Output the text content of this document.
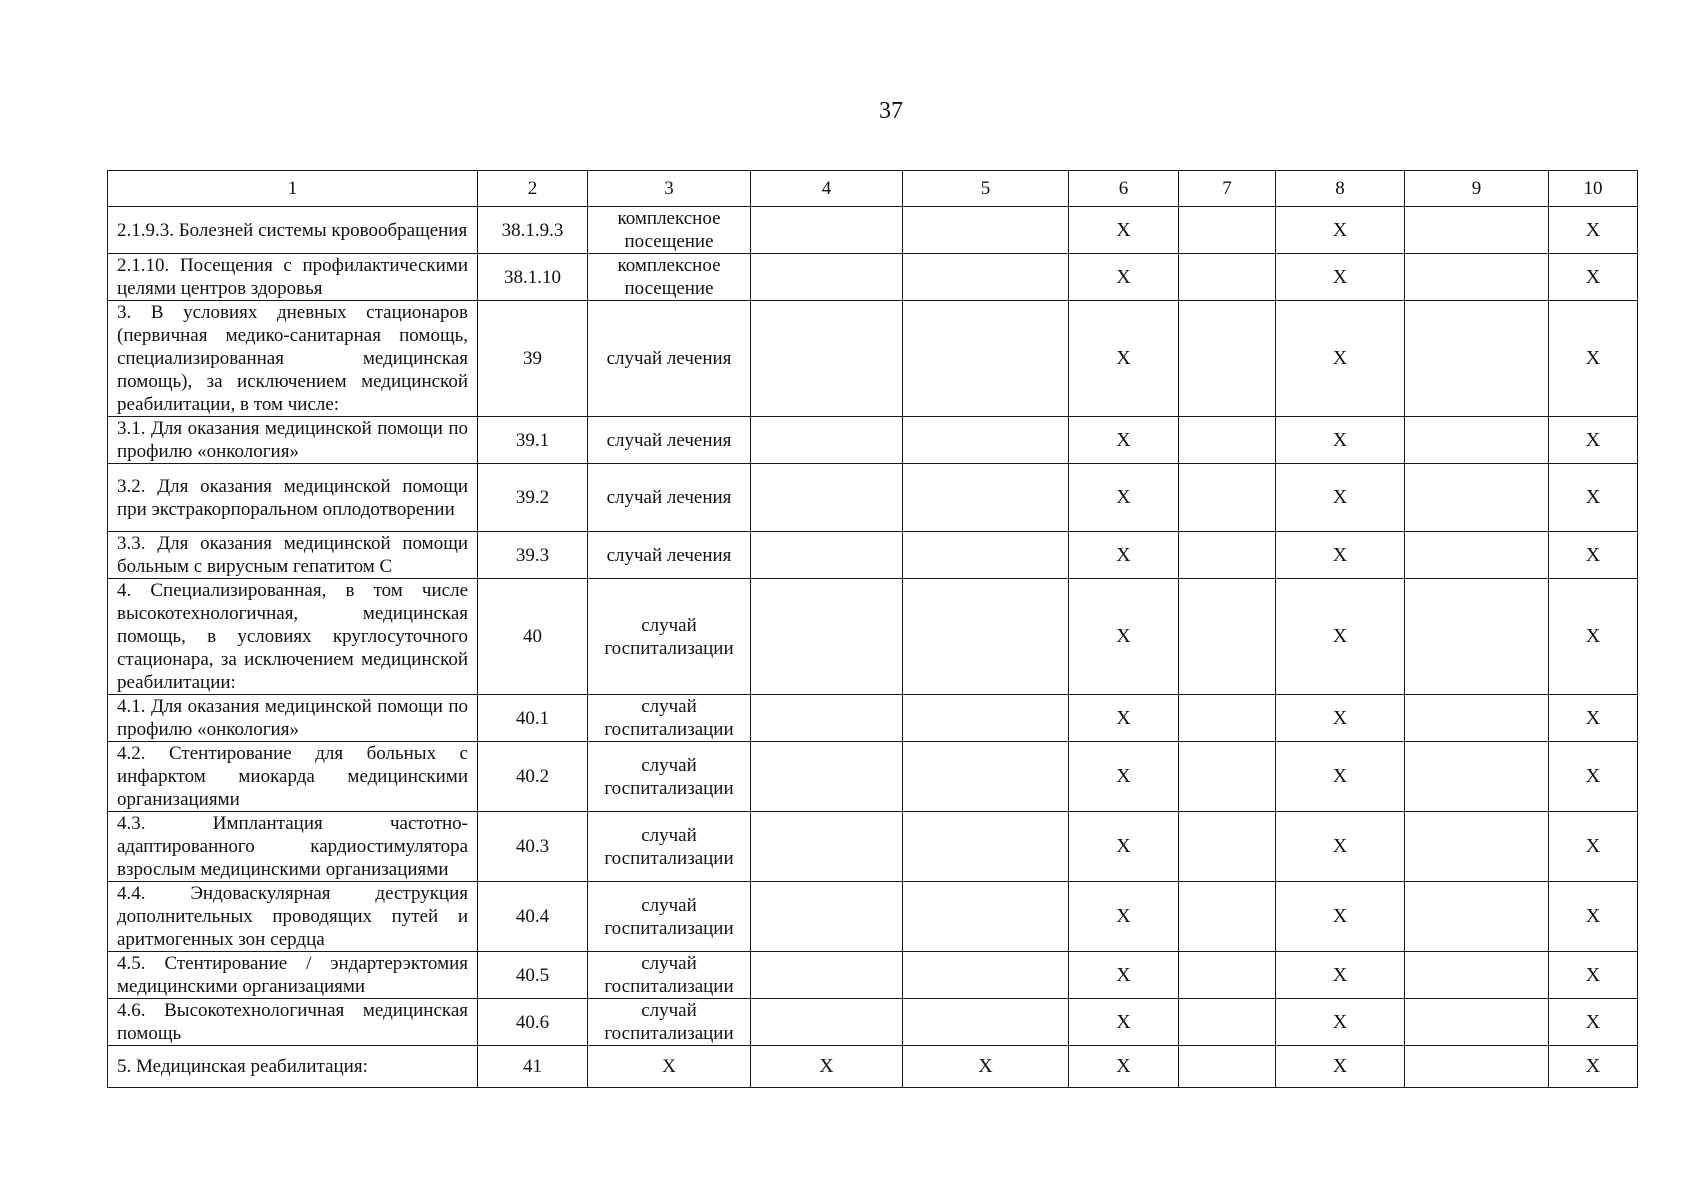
37
1	2	3	4	5	6	7	8	9	10
2.1.9.3. Болезней системы кровообращения	38.1.9.3	комплексное посещение			X		X		X
2.1.10. Посещения с профилактическими целями центров здоровья	38.1.10	комплексное посещение			X		X		X
3. В условиях дневных стационаров (первичная медико-санитарная помощь, специализированная медицинская помощь), за исключением медицинской реабилитации, в том числе:	39	случай лечения			X		X		X
3.1. Для оказания медицинской помощи по профилю «онкология»	39.1	случай лечения			X		X		X
3.2. Для оказания медицинской помощи при экстракорпоральном оплодотворении	39.2	случай лечения			X		X		X
3.3. Для оказания медицинской помощи больным с вирусным гепатитом С	39.3	случай лечения			X		X		X
4. Специализированная, в том числе высокотехнологичная, медицинская помощь, в условиях круглосуточного стационара, за исключением медицинской реабилитации:	40	случай госпитализации			X		X		X
4.1. Для оказания медицинской помощи по профилю «онкология»	40.1	случай госпитализации			X		X		X
4.2. Стентирование для больных с инфарктом миокарда медицинскими организациями	40.2	случай госпитализации			X		X		X
4.3. Имплантация частотно-адаптированного кардиостимулятора взрослым медицинскими организациями	40.3	случай госпитализации			X		X		X
4.4. Эндоваскулярная деструкция дополнительных проводящих путей и аритмогенных зон сердца	40.4	случай госпитализации			X		X		X
4.5. Стентирование / эндартерэктомия медицинскими организациями	40.5	случай госпитализации			X		X		X
4.6. Высокотехнологичная медицинская помощь	40.6	случай госпитализации			X		X		X
5. Медицинская реабилитация:	41	X	X	X	X		X		X
